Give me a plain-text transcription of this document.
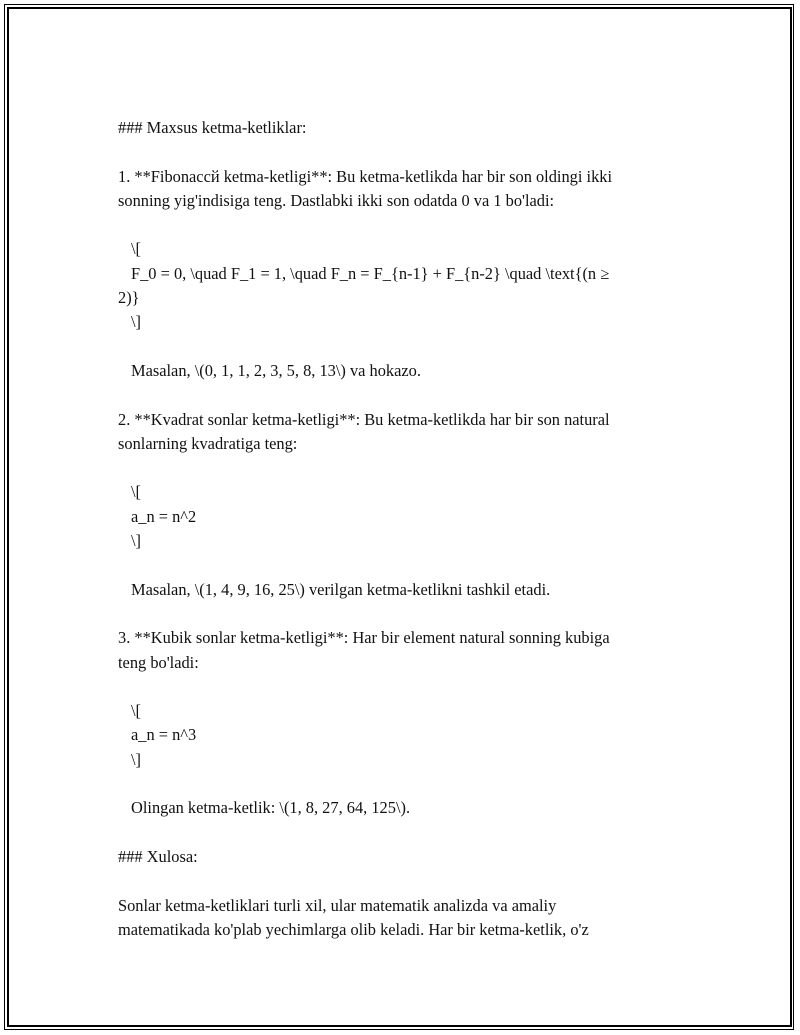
### Maxsus ketma-ketliklar:
1. **Fibonacсй ketma-ketligi**: Bu ketma-ketlikda har bir son oldingi ikki
sonning yig'indisiga teng. Dastlabki ikki son odatda 0 va 1 bo'ladi:
\[
F_0 = 0, \quad F_1 = 1, \quad F_n = F_{n-1} + F_{n-2} \quad \text{(n ≥
2)}
\]
Masalan, \(0, 1, 1, 2, 3, 5, 8, 13\) va hokazo.
2. **Kvadrat sonlar ketma-ketligi**: Bu ketma-ketlikda har bir son natural
sonlarning kvadratiga teng:
\[
a_n = n^2
\]
Masalan, \(1, 4, 9, 16, 25\) verilgan ketma-ketlikni tashkil etadi.
3. **Kubik sonlar ketma-ketligi**: Har bir element natural sonning kubiga
teng bo'ladi:
\[
a_n = n^3
\]
Olingan ketma-ketlik: \(1, 8, 27, 64, 125\).
### Xulosa:
Sonlar ketma-ketliklari turli xil, ular matematik analizda va amaliy
matematikada ko'plab yechimlarga olib keladi. Har bir ketma-ketlik, o'z
